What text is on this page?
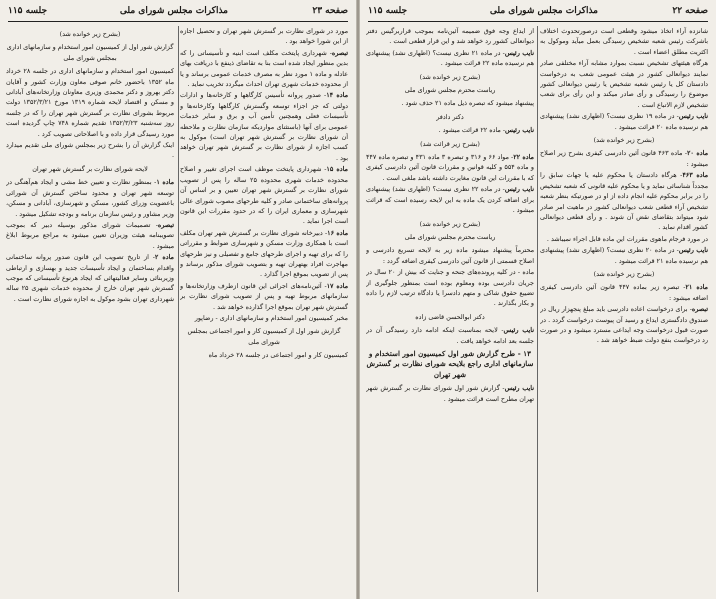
صفحه ۲۳
مذاکرات مجلس شورای ملی
جلسه ۱۱۵

مورد در شورای نظارت بر گسترش شهر تهران و تحصیل اجازه از این شورا خواهد بود .

تبصره- شهرداری پایتخت مکلف است ابنیه و تأسیساتی را که بدین منظور ایجاد شده است بنا به تقاضای ذینفع با دریافت بهای عادله و ماده ۱ مورد نظر به مصرف خدمات عمومی برساند و یا از محدوده خدمات شهری تهران احداث میگردد تخریب نماید .

ماده ۱۴- صدور پروانه تأسیس کارگاهها و کارخانه‌ها و ادارات دولتی که جز اجزاء توسعه وگسترش کارگاهها وکارخانه‌ها و تأسیسات فعلی وهمچنین تأمین آب و برق و سایر خدمات عمومی برای آنها (باستثنای مواردیکه سازمان نظارت و ملاحظه آن شورای نظارت بر گسترش شهر تهران است) موکول به کسب اجازه از شورای نظارت بر گسترش شهر تهران خواهد بود .

ماده ۱۵- شهرداری پایتخت موظف است اجرای تغییر و اصلاح محدوده خدمات شهری محدوده ۲۵ ساله را پس از تصویب شورای نظارت بر گسترش شهر تهران تعیین و بر اساس آن پروانه‌های ساختمانی صادر و کلیه طرحهای مصوب شورای عالی شهرسازی و معماری ایران را که در حدود مقررات این قانون است اجرا نماید .

ماده ۱۶- دبیرخانه شورای نظارت بر گسترش شهر تهران مکلف است با همکاری وزارت مسکن و شهرسازی ضوابط و مقرراتی را که برای تهیه و اجرای طرحهای جامع و تفصیلی و نیز طرحهای مهاجرت افراد بهتهران تهیه و بتصویب شورای مذکور برساند و پس از تصویب بموقع اجرا گذارد .

ماده ۱۷- آئین‌نامه‌های اجرائی این قانون ازطرف وزارتخانه‌ها و سازمانهای مربوط تهیه و پس از تصویب شورای نظارت بر گسترش شهر تهران بموقع اجرا گذارده خواهد شد .

مخبر کمیسیون امور استخدام و سازمانهای اداری - رضاپور

گزارش شور اول از کمیسیون کار و امور اجتماعی بمجلس شورای ملی

کمیسیون کار و امور اجتماعی در جلسه ۲۸ خرداد ماه

(بشرح زیر خوانده شد)

گزارش شور اول از کمیسیون امور استخدام و سازمانهای اداری بمجلس شورای ملی

کمیسیون امور استخدام و سازمانهای اداری در جلسه ۲۸ خرداد ماه ۱۳۵۲ باحضور خانم صوفی معاون وزارت کشور و آقایان دکتر بهروز و دکتر محمدی وزیری معاونان وزارتخانه‌های آبادانی و مسکن و اقتصاد لایحه شماره ۱۳۱۹ مورخ ۱۳۵۲/۳/۲۱ دولت مربوط بشورای نظارت بر گسترش شهر تهران را که در جلسه روز سه‌شنبه ۱۳۵۲/۳/۲۳ تقدیم شماره ۷۴۸ چاپ گردیده است مورد رسیدگی قرار داده و با اصلاحاتی تصویب کرد .

اینک گزارش آن را بشرح زیر بمجلس شورای ملی تقدیم میدارد .

لایحه شورای نظارت بر گسترش شهر تهران

ماده ۱- بمنظور نظارت و تعیین خط مشی و ایجاد هم‌آهنگی در توسعه شهر تهران و محدود ساختن گسترش آن شورائی باعضویت وزرای کشور، مسکن و شهرسازی، آبادانی و مسکن، وزیر مشاور و رئیس سازمان برنامه و بودجه تشکیل میشود .

تبصره- تصمیمات شورای مذکور بوسیله دبیر که بموجب تصویبنامه هیئت وزیران تعیین میشود به مراجع مربوط ابلاغ میشود .

ماده ۲- از تاریخ تصویب این قانون صدور پروانه ساختمانی واقدام بساختمان و ایجاد تأسیسات جدید و بهسازی و ارتباطی وزیربنائی وسایر فعالیتهائی که ایجاد هرنوع تأسیساتی که موجب گسترش شهر تهران خارج از محدوده خدمات شهری ۲۵ ساله شهرداری تهران بشود موکول به اجازه شورای نظارت است .

صفحه ۲۲
مذاکرات مجلس شورای ملی
جلسه ۱۱۵

شانزده آراء اتخاذ میشود وقطعی است درصورتحدوث اختلاف باشرکت رئیس شعبه تشخیص رسیدگی بعمل میآید وموکول به اکثریت مطلق اعضاء است .

هرگاه هیئتهای تشخیص نسبت بموارد مشابه آراء مختلفی صادر نمایند دیوانعالی کشور در هیئت عمومی شعب به درخواست دادستان کل یا رئیس شعبه تشخیص یا رئیس دیوانعالی کشور موضوع را رسیدگی و رأی صادر میکند و این رأی برای شعب تشخیص لازم الاتباع است .

نایب رئیس- در ماده ۱۹ نظری نیست؟ (اظهاری نشد) پیشنهادی هم نرسیده ماده ۲۰ قرائت میشود .

(بشرح زیر خوانده شد)

ماده ۲۰- ماده ۴۶۳ قانون آئین دادرسی کیفری بشرح زیر اصلاح میشود :

ماده ۴۶۳- هرگاه دادستان یا محکوم علیه یا جهات سابق را مجدداً شناسائی نماید و یا محکوم علیه قانونی که شعبه تشخیص را در برابر محکوم علیه انجام داده از او در صورتیکه بنظر شعبه تشخیص آراء قطعی شعب دیوانعالی کشور در ماهیت امر صادر شود میتواند بتقاضای نقض آن شوند . و رأی قطعی دیوانعالی کشور اقدام نماید .

در مورد فرجام ماهوی مقررات این ماده قابل اجراء نمیباشد .

نایب رئیس- در ماده ۲۰ نظری نیست؟ (اظهاری نشد) پیشنهادی هم نرسیده ماده ۲۱ قرائت میشود .

(بشرح زیر خوانده شد)

ماده ۲۱- تبصره زیر بماده ۴۴۷ قانون آئین دادرسی کیفری اضافه میشود :

تبصره- برای درخواست اعاده دادرسی باید مبلغ پنجهزار ریال در صندوق دادگستری ایداع و رسید آن پیوست درخواست گردد . در صورت قبول درخواست وجه ایداعی مسترد میشود و در صورت رد درخواست بنفع دولت ضبط خواهد شد .

از ایداع وجه فوق ضمیمه آئین‌نامه بموجب قراربرگیس دفتر دیوانعالی کشور رد خواهد شد و این قرار قطعی است .

نایب رئیس- در ماده ۲۱ نظری نیست؟ (اظهاری نشد) پیشنهادی هم نرسیده ماده ۲۲ قرائت میشود .

(بشرح زیر خوانده شد)

ریاست محترم مجلس شورای ملی

پیشنهاد میشود که تبصره ذیل ماده ۲۱ حذف شود .

دکتر دادفر

نایب رئیس- ماده ۲۲ قرائت میشود .

(بشرح زیر قرائت شد)

ماده ۲۲- مواد ۶۶ و ۳۱۶ و تبصره ۳ ماده ۴۳۱ و تبصره ماده ۴۴۷ و ماده ۵۵۴ و کلیه قوانین و مقررات قانون آئین دادرسی کیفری که با مقررات این قانون مغایرت داشته باشد ملغی است .

نایب رئیس- در ماده ۲۲ نظری نیست؟ (اظهاری نشد) پیشنهادی برای اضافه کردن یک ماده به این لایحه رسیده است که قرائت میشود .

(بشرح زیر خوانده شد)

ریاست محترم مجلس شورای ملی

محترماً پیشنهاد میشود ماده زیر به لایحه تسریع دادرسی و اصلاح قسمتی از قانون آئین دادرسی کیفری اضافه گردد :

ماده - در کلیه پرونده‌های جنحه و جنایت که بیش از ۲۰ سال در جریان دادرسی بوده ومعلوم بوده است بمنظور جلوگیری از تضییع حقوق شاکی و متهم دادسرا یا دادگاه ترتیب لازم را داده و بکار بگذارند .

دکتر ابوالحسن قاضی زاده

نایب رئیس- لایحه بمناسبت اینکه ادامه دارد رسیدگی آن در جلسه بعد ادامه خواهد یافت .

۱۳ - طرح گزارش شور اول کمیسیون امور استخدام و سازمانهای اداری راجع بلایحه شورای نظارت بر گسترش شهر تهران

نایب رئیس- گزارش شور اول شورای نظارت بر گسترش شهر تهران مطرح است قرائت میشود .
